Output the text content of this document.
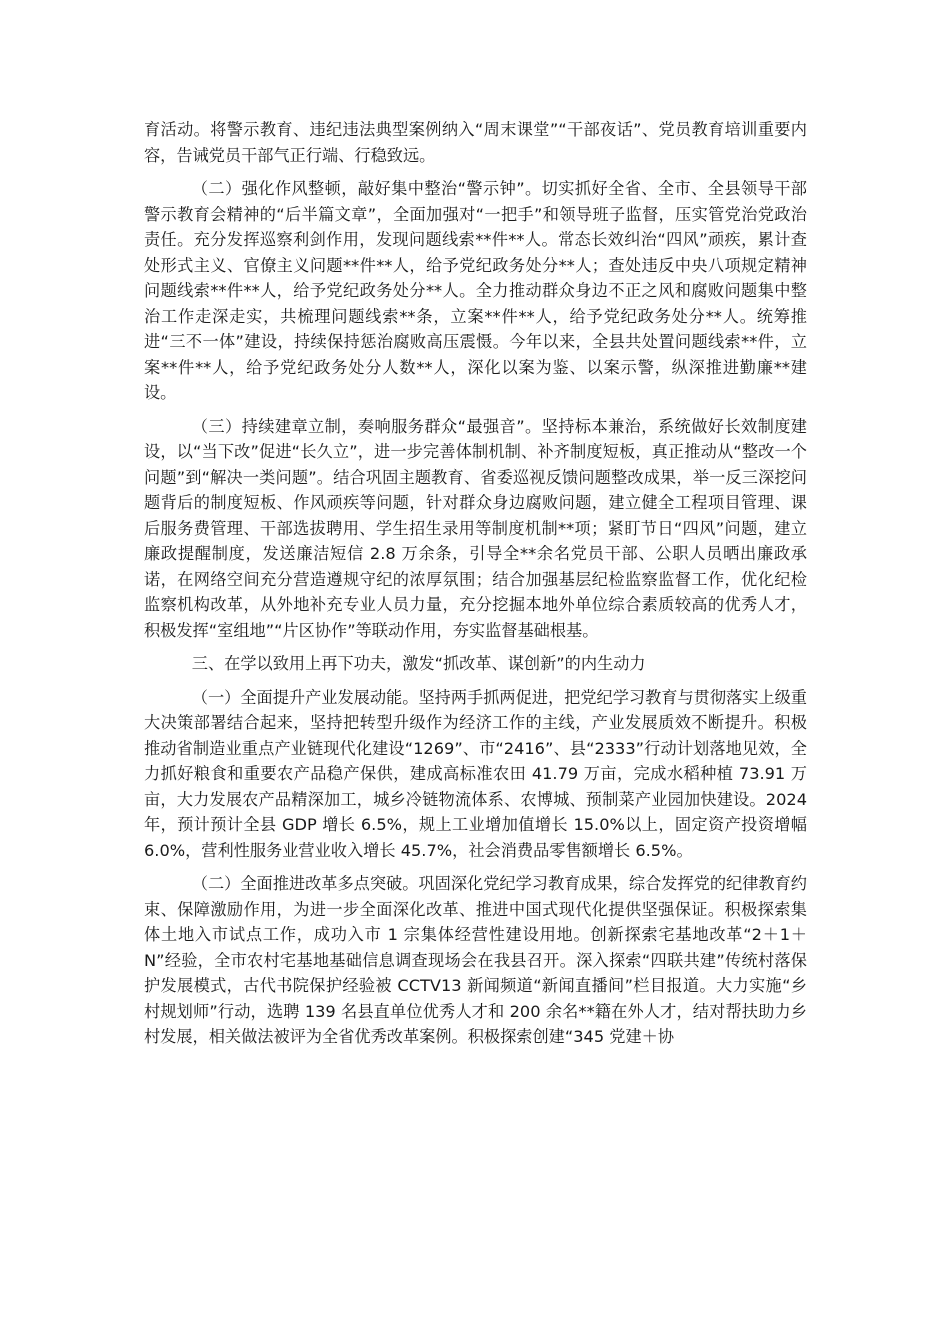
育活动。将警示教育、违纪违法典型案例纳入“周末课堂”“干部夜话”、党员教育培训重要内容，告诫党员干部气正行端、行稳致远。

（二）强化作风整顿，敲好集中整治“警示钟”。切实抓好全省、全市、全县领导干部警示教育会精神的“后半篇文章”，全面加强对“一把手”和领导班子监督，压实管党治党政治责任。充分发挥巡察利剑作用，发现问题线索**件**人。常态长效纠治“四风”顽疾，累计查处形式主义、官僚主义问题**件**人，给予党纪政务处分**人；查处违反中央八项规定精神问题线索**件**人，给予党纪政务处分**人。全力推动群众身边不正之风和腐败问题集中整治工作走深走实，共梳理问题线索**条，立案**件**人，给予党纪政务处分**人。统筹推进“三不一体”建设，持续保持惩治腐败高压震慑。今年以来，全县共处置问题线索**件，立案**件**人，给予党纪政务处分人数**人，深化以案为鉴、以案示警，纵深推进勤廉**建设。

（三）持续建章立制，奏响服务群众“最强音”。坚持标本兼治，系统做好长效制度建设，以“当下改”促进“长久立”，进一步完善体制机制、补齐制度短板，真正推动从“整改一个问题”到“解决一类问题”。结合巩固主题教育、省委巡视反馈问题整改成果，举一反三深挖问题背后的制度短板、作风顽疾等问题，针对群众身边腐败问题，建立健全工程项目管理、课后服务费管理、干部选拔聘用、学生招生录用等制度机制**项；紧盯节日“四风”问题，建立廉政提醒制度，发送廉洁短信 2.8 万余条，引导全**余名党员干部、公职人员晒出廉政承诺，在网络空间充分营造遵规守纪的浓厚氛围；结合加强基层纪检监察监督工作，优化纪检监察机构改革，从外地补充专业人员力量，充分挖掘本地外单位综合素质较高的优秀人才，积极发挥“室组地”“片区协作”等联动作用，夯实监督基础根基。

三、在学以致用上再下功夫，激发“抓改革、谋创新”的内生动力

（一）全面提升产业发展动能。坚持两手抓两促进，把党纪学习教育与贯彻落实上级重大决策部署结合起来，坚持把转型升级作为经济工作的主线，产业发展质效不断提升。积极推动省制造业重点产业链现代化建设“1269”、市“2416”、县“2333”行动计划落地见效，全力抓好粮食和重要农产品稳产保供，建成高标准农田 41.79 万亩，完成水稻种植 73.91 万亩，大力发展农产品精深加工，城乡冷链物流体系、农博城、预制菜产业园加快建设。2024 年，预计预计全县 GDP 增长 6.5%，规上工业增加值增长 15.0%以上，固定资产投资增幅 6.0%，营利性服务业营业收入增长 45.7%，社会消费品零售额增长 6.5%。

（二）全面推进改革多点突破。巩固深化党纪学习教育成果，综合发挥党的纪律教育约束、保障激励作用，为进一步全面深化改革、推进中国式现代化提供坚强保证。积极探索集体土地入市试点工作，成功入市 1 宗集体经营性建设用地。创新探索宅基地改革“2＋1＋N”经验，全市农村宅基地基础信息调查现场会在我县召开。深入探索“四联共建”传统村落保护发展模式，古代书院保护经验被 CCTV13 新闻频道“新闻直播间”栏目报道。大力实施“乡村规划师”行动，选聘 139 名县直单位优秀人才和 200 余名**籍在外人才，结对帮扶助力乡村发展，相关做法被评为全省优秀改革案例。积极探索创建“345 党建＋协
